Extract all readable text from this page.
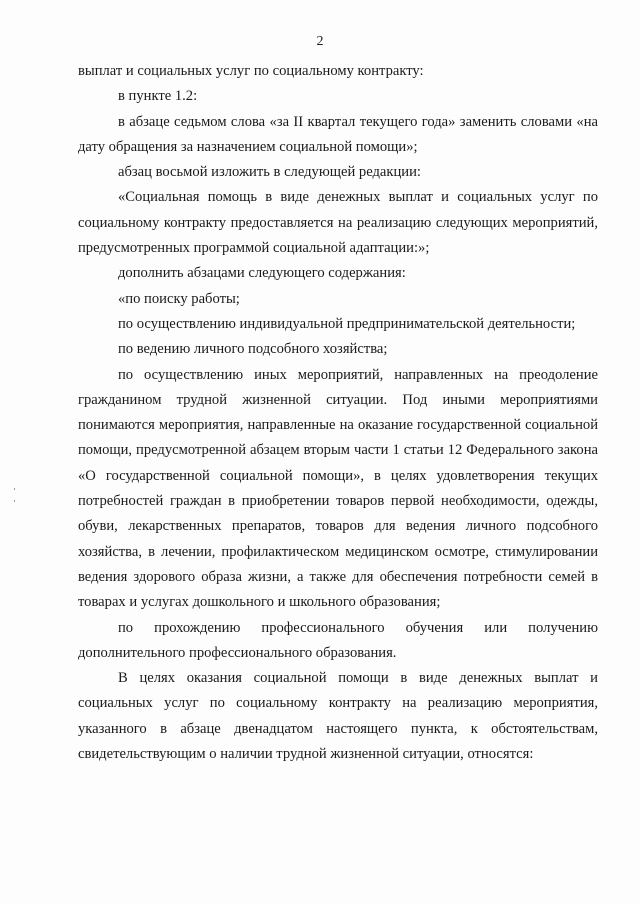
2

выплат и социальных услуг по социальному контракту:

в пункте 1.2:

в абзаце седьмом слова «за II квартал текущего года» заменить словами «на дату обращения за назначением социальной помощи»;

абзац восьмой изложить в следующей редакции:

«Социальная помощь в виде денежных выплат и социальных услуг по социальному контракту предоставляется на реализацию следующих мероприятий, предусмотренных программой социальной адаптации:»;

дополнить абзацами следующего содержания:

«по поиску работы;

по осуществлению индивидуальной предпринимательской деятельности;

по ведению личного подсобного хозяйства;

по осуществлению иных мероприятий, направленных на преодоление гражданином трудной жизненной ситуации. Под иными мероприятиями понимаются мероприятия, направленные на оказание государственной социальной помощи, предусмотренной абзацем вторым части 1 статьи 12 Федерального закона «О государственной социальной помощи», в целях удовлетворения текущих потребностей граждан в приобретении товаров первой необходимости, одежды, обуви, лекарственных препаратов, товаров для ведения личного подсобного хозяйства, в лечении, профилактическом медицинском осмотре, стимулировании ведения здорового образа жизни, а также для обеспечения потребности семей в товарах и услугах дошкольного и школьного образования;

по прохождению профессионального обучения или получению дополнительного профессионального образования.

В целях оказания социальной помощи в виде денежных выплат и социальных услуг по социальному контракту на реализацию мероприятия, указанного в абзаце двенадцатом настоящего пункта, к обстоятельствам, свидетельствующим о наличии трудной жизненной ситуации, относятся:
